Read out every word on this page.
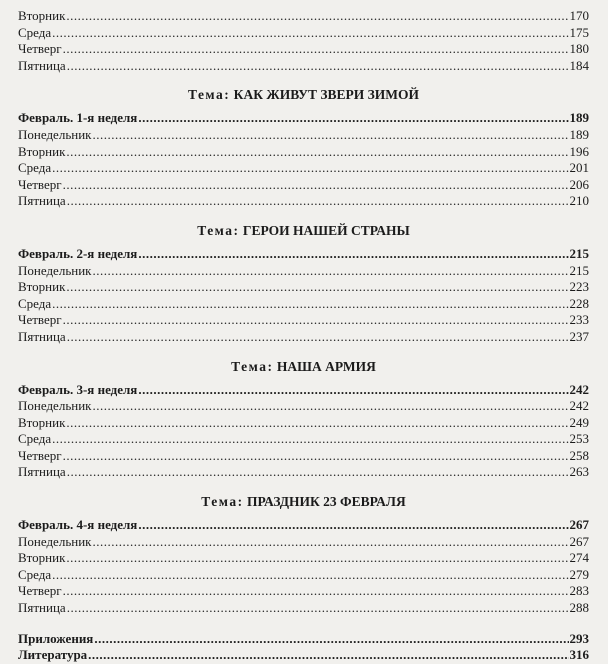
Вторник .....	170
Среда .....	175
Четверг .....	180
Пятница .....	184
Тема: КАК ЖИВУТ ЗВЕРИ ЗИМОЙ
Февраль. 1-я неделя .....	189
Понедельник .....	189
Вторник .....	196
Среда .....	201
Четверг .....	206
Пятница .....	210
Тема: ГЕРОИ НАШЕЙ СТРАНЫ
Февраль. 2-я неделя .....	215
Понедельник .....	215
Вторник .....	223
Среда .....	228
Четверг .....	233
Пятница .....	237
Тема: НАША АРМИЯ
Февраль. 3-я неделя .....	242
Понедельник .....	242
Вторник .....	249
Среда .....	253
Четверг .....	258
Пятница .....	263
Тема: ПРАЗДНИК 23 ФЕВРАЛЯ
Февраль. 4-я неделя .....	267
Понедельник .....	267
Вторник .....	274
Среда .....	279
Четверг .....	283
Пятница .....	288
Приложения .....	293
Литература .....	316
